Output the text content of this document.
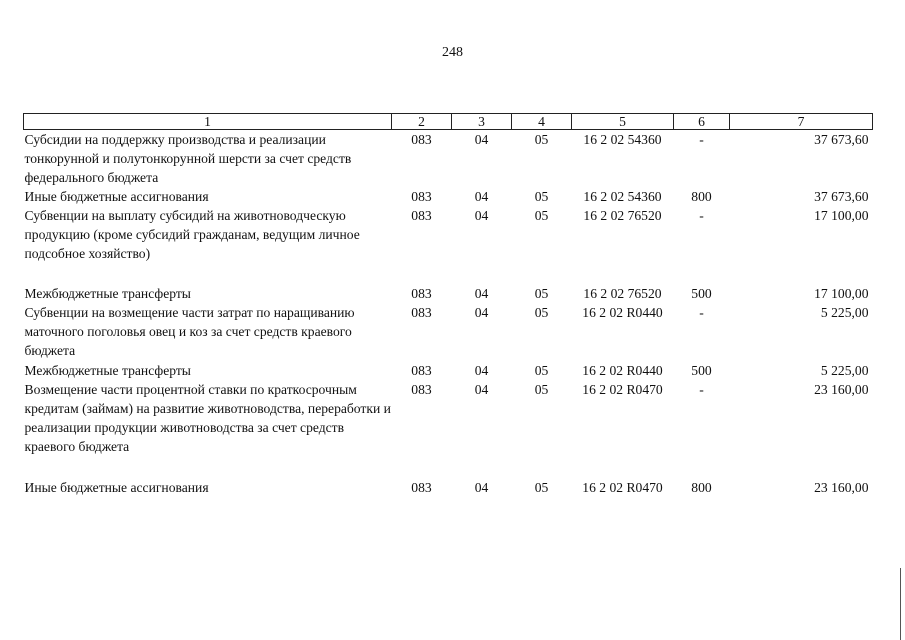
248
1	2	3	4	5	6	7
Субсидии на поддержку производства и реализации тонкорунной и полутонкорунной шерсти за счет средств федерального бюджета	083	04	05	16 2 02 54360	-	37 673,60
Иные бюджетные ассигнования	083	04	05	16 2 02 54360	800	37 673,60
Субвенции на выплату субсидий на животноводческую продукцию (кроме субсидий гражданам, ведущим личное подсобное хозяйство)	083	04	05	16 2 02 76520	-	17 100,00
Межбюджетные трансферты	083	04	05	16 2 02 76520	500	17 100,00
Субвенции на возмещение части затрат по наращиванию маточного поголовья овец и коз за счет средств краевого бюджета	083	04	05	16 2 02 R0440	-	5 225,00
Межбюджетные трансферты	083	04	05	16 2 02 R0440	500	5 225,00
Возмещение части процентной ставки по краткосрочным кредитам (займам) на развитие животноводства, переработки и реализации продукции животноводства за счет средств краевого бюджета	083	04	05	16 2 02 R0470	-	23 160,00
Иные бюджетные ассигнования	083	04	05	16 2 02 R0470	800	23 160,00
